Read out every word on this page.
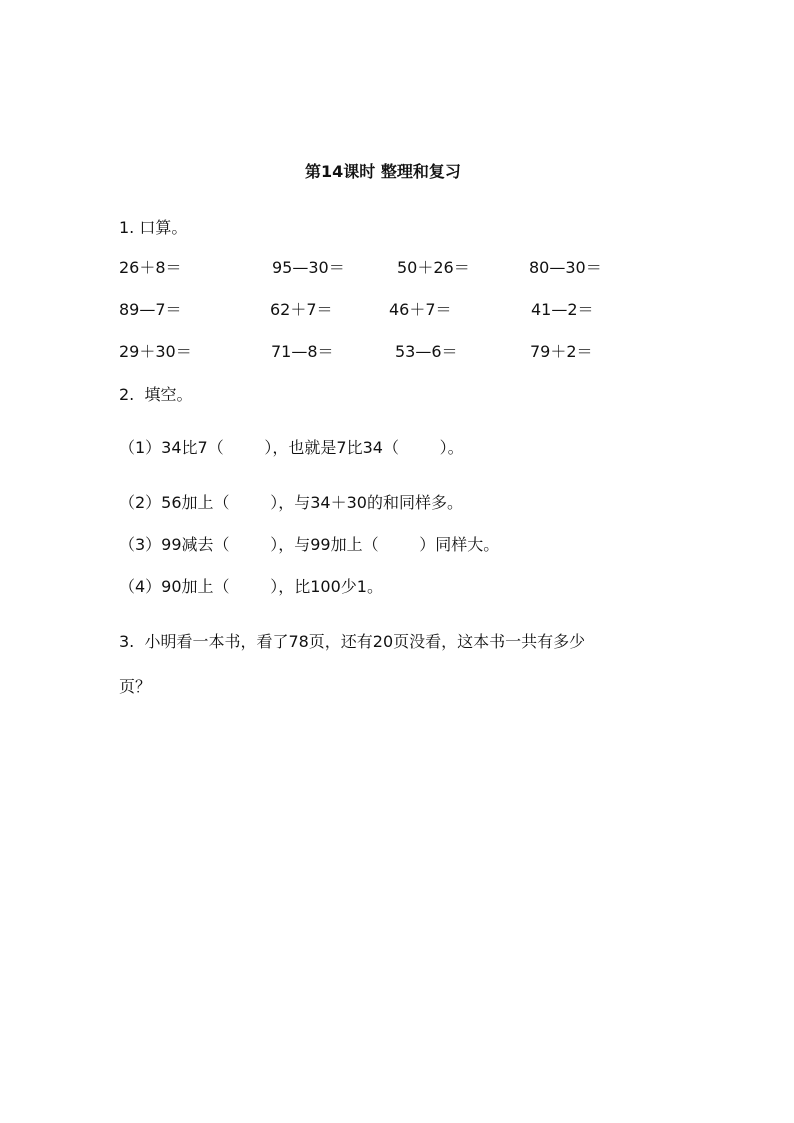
第14课时 整理和复习
1. 口算。
26＋8＝	95—30＝	50＋26＝	80—30＝
89—7＝	62＋7＝	46＋7＝	41—2＝
29＋30＝	71—8＝	53—6＝	79＋2＝
2.  填空。
（1）34比7（        ），也就是7比34（        ）。
（2）56加上（        ），与34＋30的和同样多。
（3）99减去（        ），与99加上（        ）同样大。
（4）90加上（        ），比100少1。
3.  小明看一本书，看了78页，还有20页没看，这本书一共有多少
页？
